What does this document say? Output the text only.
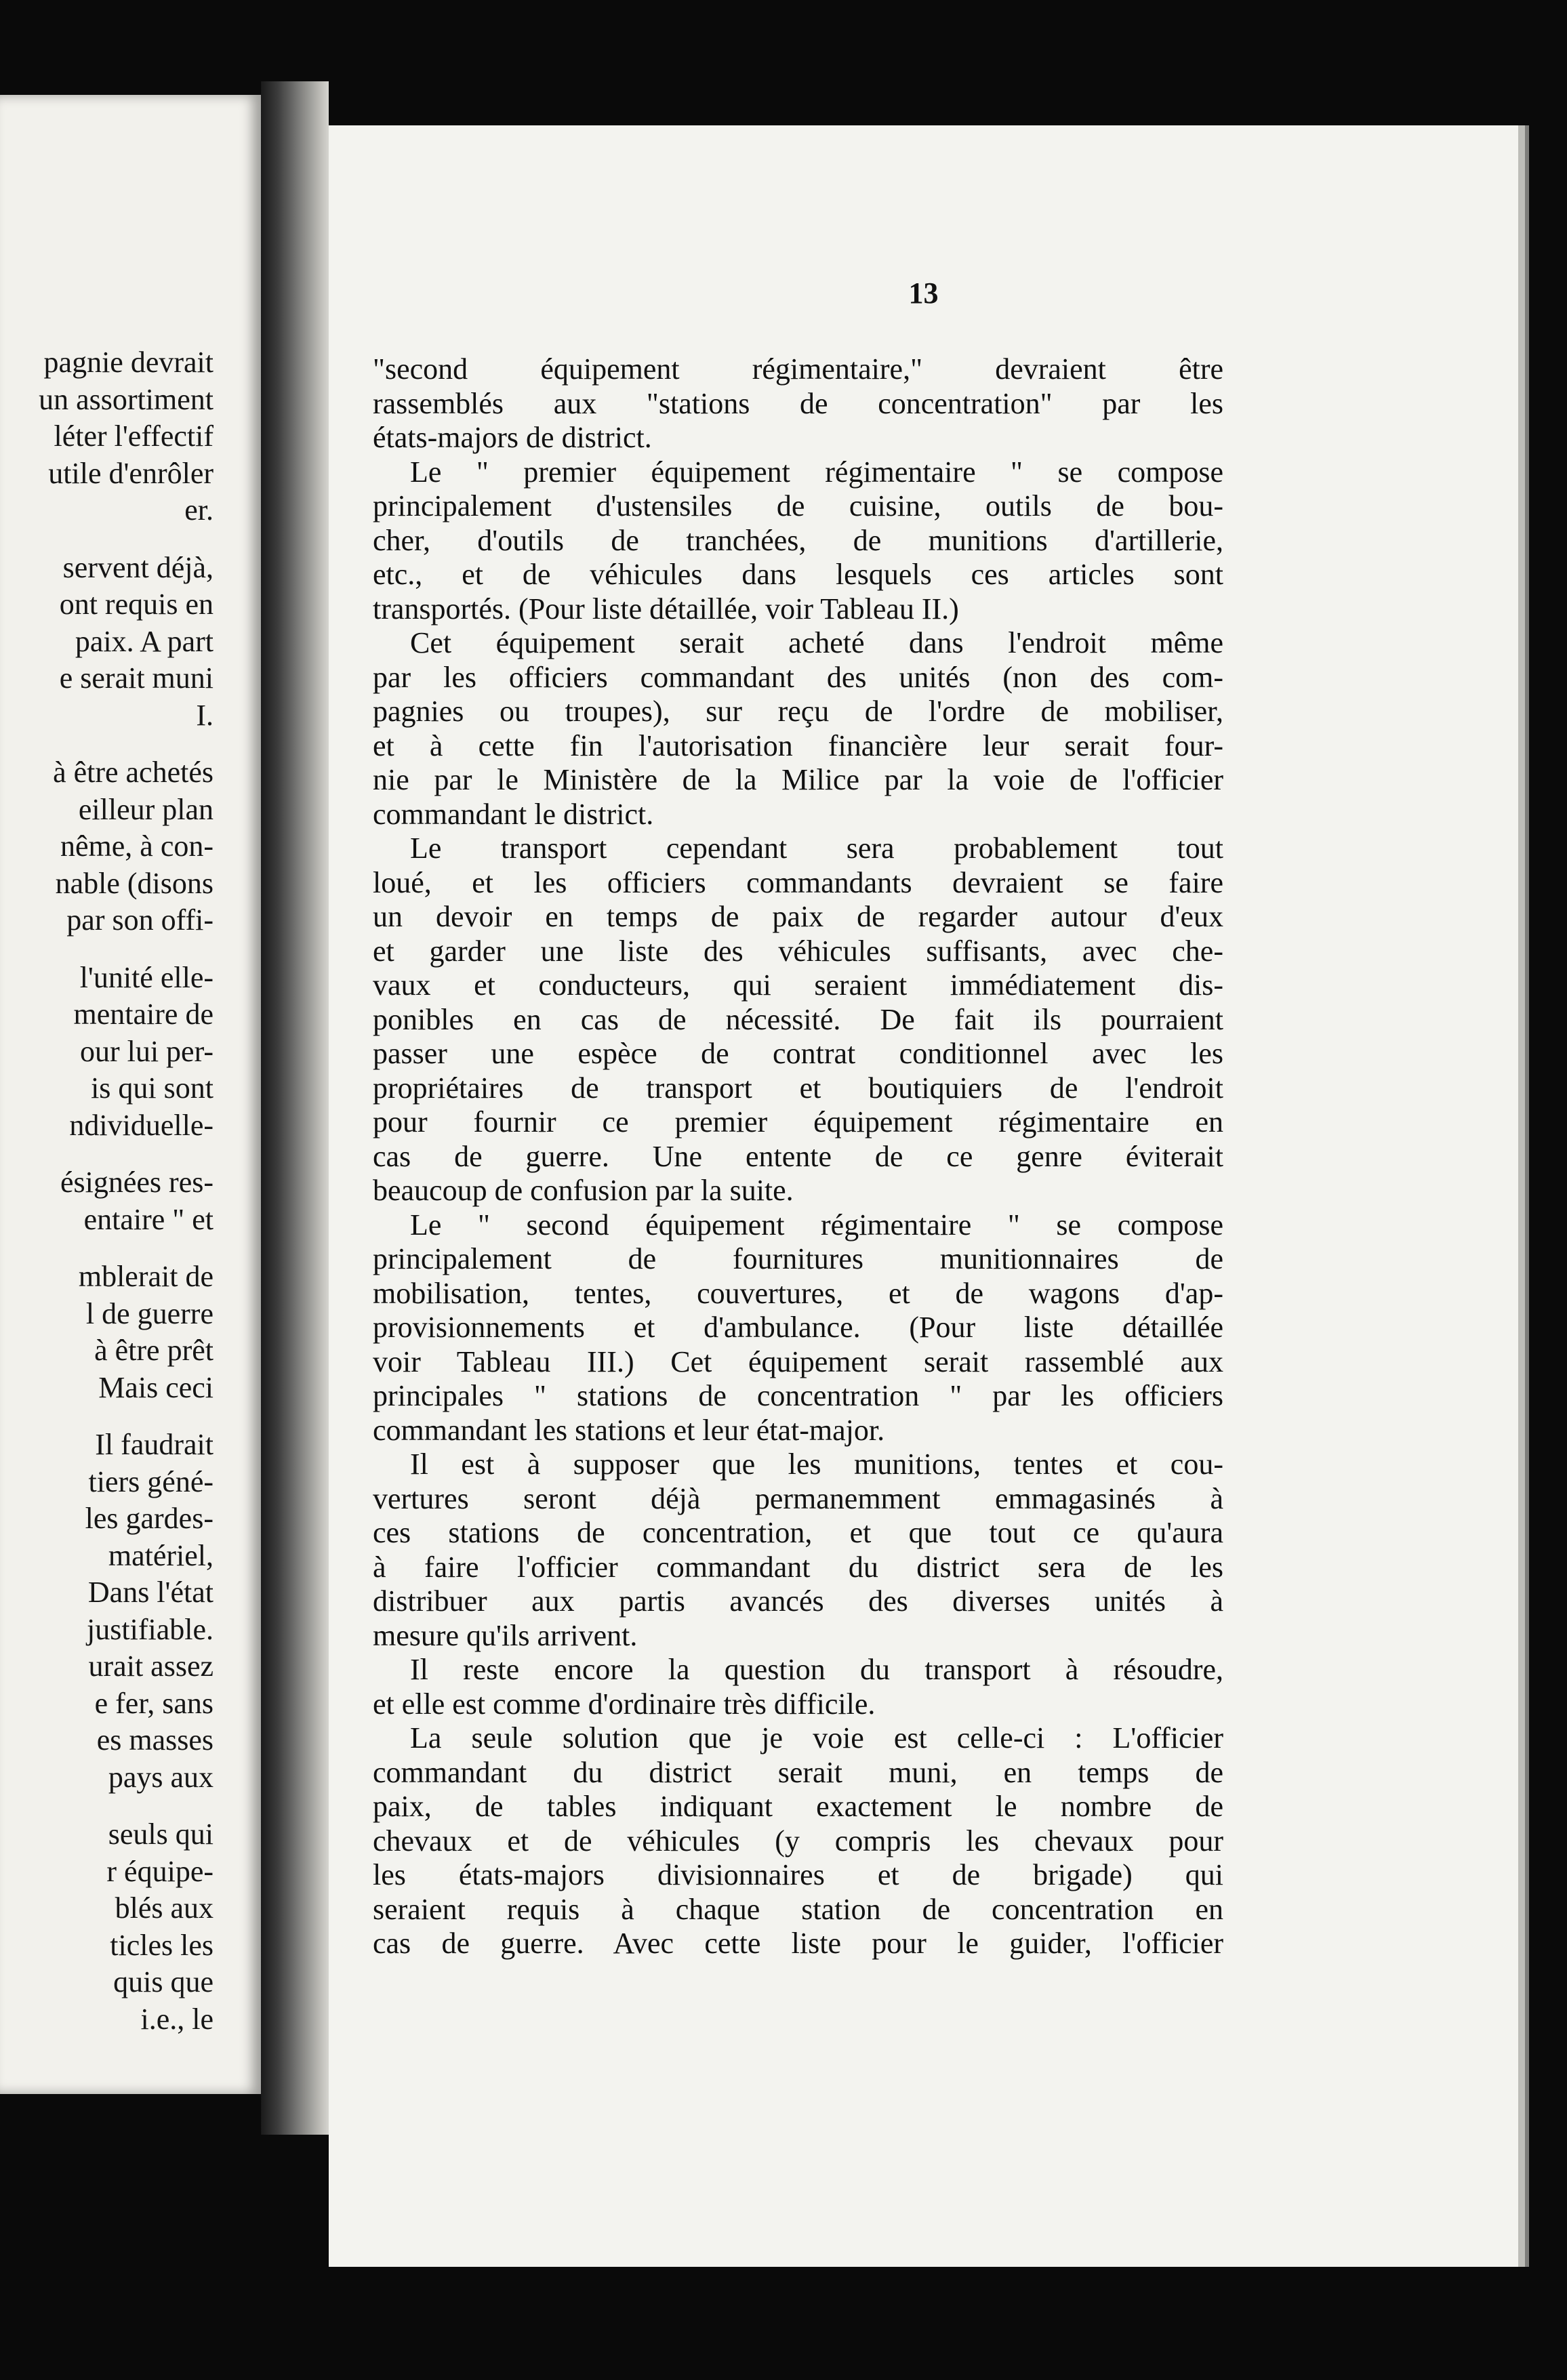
pagnie devrait
un assortiment
léter l'effectif
utile d'enrôler
er.
servent déjà,
ont requis en
paix. A part
e serait muni
I.
à être achetés
eilleur plan
nême, à con-
nable (disons
par son offi-
l'unité elle-
mentaire de
our lui per-
is qui sont
ndividuelle-
ésignées res-
entaire " et
mblerait de
l de guerre
à être prêt
Mais ceci
Il faudrait
tiers géné-
les gardes-
matériel,
Dans l'état
justifiable.
urait assez
e fer, sans
es masses
pays aux
seuls qui
r équipe-
blés aux
ticles les
quis que
i.e., le
13
"second équipement régimentaire," devraient être
rassemblés aux "stations de concentration" par les
états-majors de district.
Le " premier équipement régimentaire " se compose
principalement d'ustensiles de cuisine, outils de bou-
cher, d'outils de tranchées, de munitions d'artillerie,
etc., et de véhicules dans lesquels ces articles sont
transportés. (Pour liste détaillée, voir Tableau II.)
Cet équipement serait acheté dans l'endroit même
par les officiers commandant des unités (non des com-
pagnies ou troupes), sur reçu de l'ordre de mobiliser,
et à cette fin l'autorisation financière leur serait four-
nie par le Ministère de la Milice par la voie de l'officier
commandant le district.
Le transport cependant sera probablement tout
loué, et les officiers commandants devraient se faire
un devoir en temps de paix de regarder autour d'eux
et garder une liste des véhicules suffisants, avec che-
vaux et conducteurs, qui seraient immédiatement dis-
ponibles en cas de nécessité. De fait ils pourraient
passer une espèce de contrat conditionnel avec les
propriétaires de transport et boutiquiers de l'endroit
pour fournir ce premier équipement régimentaire en
cas de guerre. Une entente de ce genre éviterait
beaucoup de confusion par la suite.
Le " second équipement régimentaire " se compose
principalement de fournitures munitionnaires de
mobilisation, tentes, couvertures, et de wagons d'ap-
provisionnements et d'ambulance. (Pour liste détaillée
voir Tableau III.) Cet équipement serait rassemblé aux
principales " stations de concentration " par les officiers
commandant les stations et leur état-major.
Il est à supposer que les munitions, tentes et cou-
vertures seront déjà permanemment emmagasinés à
ces stations de concentration, et que tout ce qu'aura
à faire l'officier commandant du district sera de les
distribuer aux partis avancés des diverses unités à
mesure qu'ils arrivent.
Il reste encore la question du transport à résoudre,
et elle est comme d'ordinaire très difficile.
La seule solution que je voie est celle-ci : L'officier
commandant du district serait muni, en temps de
paix, de tables indiquant exactement le nombre de
chevaux et de véhicules (y compris les chevaux pour
les états-majors divisionnaires et de brigade) qui
seraient requis à chaque station de concentration en
cas de guerre. Avec cette liste pour le guider, l'officier
